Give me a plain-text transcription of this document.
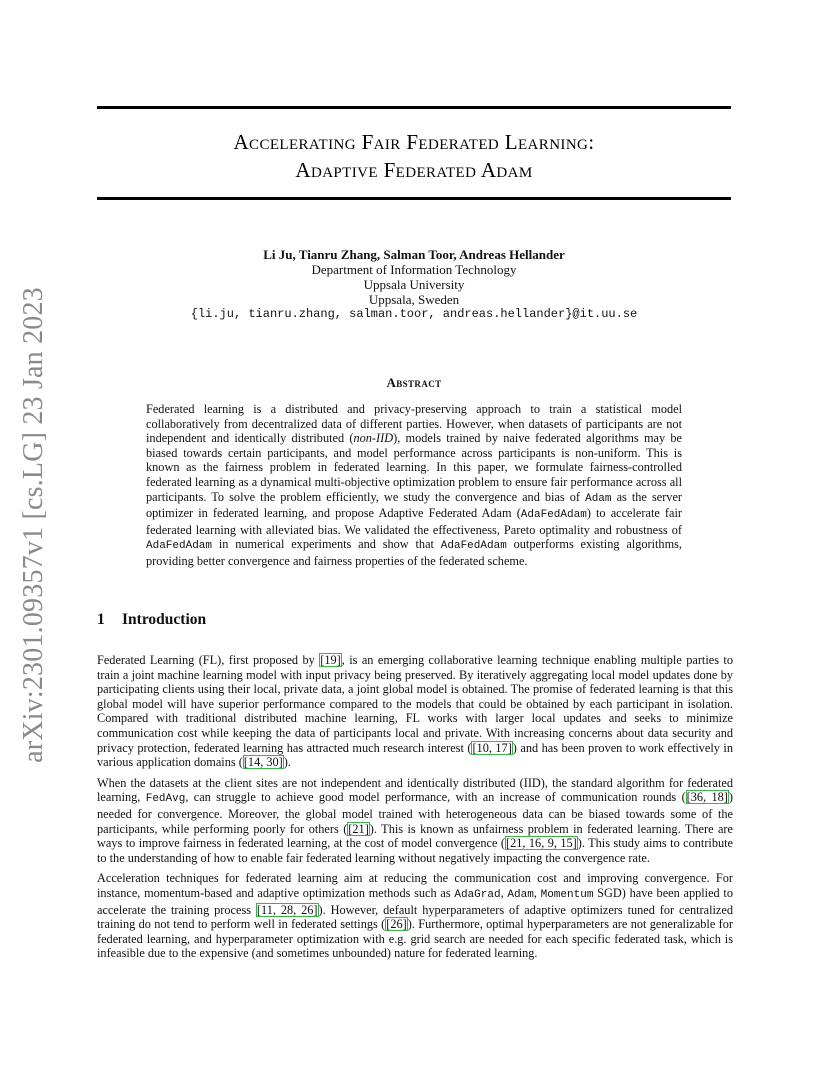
arXiv:2301.09357v1 [cs.LG] 23 Jan 2023
Accelerating Fair Federated Learning:
Adaptive Federated Adam
Li Ju, Tianru Zhang, Salman Toor, Andreas Hellander
Department of Information Technology
Uppsala University
Uppsala, Sweden
{li.ju, tianru.zhang, salman.toor, andreas.hellander}@it.uu.se
Abstract
Federated learning is a distributed and privacy-preserving approach to train a statistical model collaboratively from decentralized data of different parties. However, when datasets of participants are not independent and identically distributed (non-IID), models trained by naive federated algorithms may be biased towards certain participants, and model performance across participants is non-uniform. This is known as the fairness problem in federated learning. In this paper, we formulate fairness-controlled federated learning as a dynamical multi-objective optimization problem to ensure fair performance across all participants. To solve the problem efficiently, we study the convergence and bias of Adam as the server optimizer in federated learning, and propose Adaptive Federated Adam (AdaFedAdam) to accelerate fair federated learning with alleviated bias. We validated the effectiveness, Pareto optimality and robustness of AdaFedAdam in numerical experiments and show that AdaFedAdam outperforms existing algorithms, providing better convergence and fairness properties of the federated scheme.
1 Introduction

Federated Learning (FL), first proposed by [19], is an emerging collaborative learning technique enabling multiple parties to train a joint machine learning model with input privacy being preserved. By iteratively aggregating local model updates done by participating clients using their local, private data, a joint global model is obtained. The promise of federated learning is that this global model will have superior performance compared to the models that could be obtained by each participant in isolation. Compared with traditional distributed machine learning, FL works with larger local updates and seeks to minimize communication cost while keeping the data of participants local and private. With increasing concerns about data security and privacy protection, federated learning has attracted much research interest ([10, 17]) and has been proven to work effectively in various application domains ([14, 30]).

When the datasets at the client sites are not independent and identically distributed (IID), the standard algorithm for federated learning, FedAvg, can struggle to achieve good model performance, with an increase of communication rounds ([36, 18]) needed for convergence. Moreover, the global model trained with heterogeneous data can be biased towards some of the participants, while performing poorly for others ([21]). This is known as unfairness problem in federated learning. There are ways to improve fairness in federated learning, at the cost of model convergence ([21, 16, 9, 15]). This study aims to contribute to the understanding of how to enable fair federated learning without negatively impacting the convergence rate.

Acceleration techniques for federated learning aim at reducing the communication cost and improving convergence. For instance, momentum-based and adaptive optimization methods such as AdaGrad, Adam, Momentum SGD) have been applied to accelerate the training process [11, 28, 26]). However, default hyperparameters of adaptive optimizers tuned for centralized training do not tend to perform well in federated settings ([26]). Furthermore, optimal hyperparameters are not generalizable for federated learning, and hyperparameter optimization with e.g. grid search are needed for each specific federated task, which is infeasible due to the expensive (and sometimes unbounded) nature for federated learning.
